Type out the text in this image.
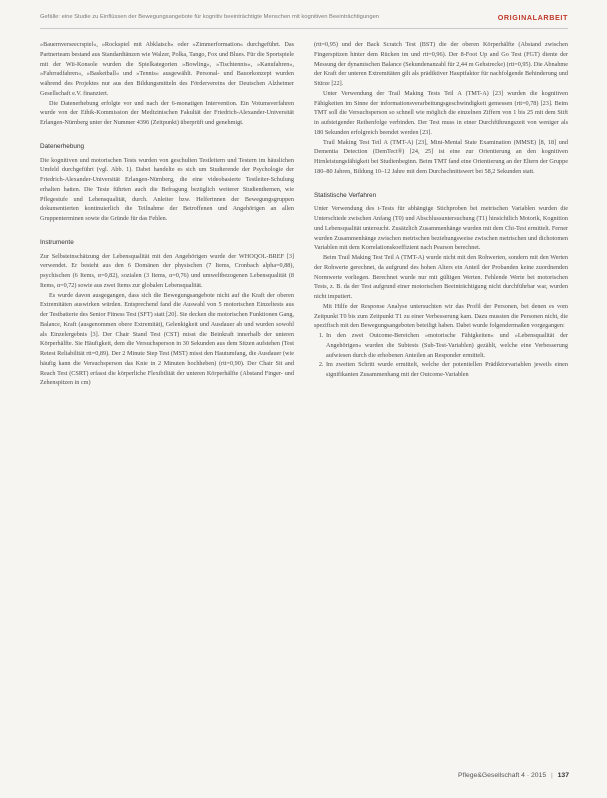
Gefälle: eine Studie zu Einflüssen der Bewegungsangebote für kognitiv beeinträchtigte Menschen mit kognitiven Beeinträchtigungen	ORIGINALARBEIT

»Bauernverseecrspiel«, »Rockspiel mit Abklatsch« oder »Zimmerformation« durchgeführt. Das Partnerteam bestand aus Standardtänzen wie Walzer, Polka, Tango, Fox und Blues. Für die Sportspiele mit der Wii-Konsole wurden die Spielkategorien »Bowling«, »Tischtennis«, »Kanufahren«, »Fahrradfahren«, »Basketball« und »Tennis« ausgewählt. Personal- und Bauorkonzept wurden während des Projektes nur aus den Bildungsmitteln des Fördervereins der Deutschen Alzheimer Gesellschaft e.V. finanziert.

Die Datenerhebung erfolgte vor und nach der 6-monatigen Intervention. Ein Votumsverfahren wurde von der Ethik-Kommission der Medizinischen Fakultät der Friedrich-Alexander-Universität Erlangen-Nürnberg unter der Nummer 4396 (Zeitpunkt) überprüft und genehmigt.

Datenerhebung

Die kognitiven und motorischen Tests wurden von geschulten Testleitern und Testern im häuslichen Umfeld durchgeführt (vgl. Abb. 1). Dabei handelte es sich um Studierende der Psychologie der Friedrich-Alexander-Universität Erlangen-Nürnberg, die eine videobasierte Testleiter-Schulung erhalten hatten. Die Teste führten auch die Befragung bezüglich weiterer Studienthemen, wie Pflegestufe und Lebensqualität, durch. Anleiter bzw. Helferinnen der Bewegungsgruppen dokumentierten kontinuierlich die Teilnahme der Betroffenen und Angehörigen an allen Gruppenterminen sowie die Gründe für das Fehlen.

Instrumente

Zur Selbsteinschätzung der Lebensqualität mit den Angehörigen wurde der WHOQOL-BREF [3] verwendet. Er besteht aus den 6 Domänen der physischen (7 Items, Cronbach alpha=0,88), psychischen (6 Items, α=0,82), sozialen (3 Items, α=0,76) und umweltbezogenen Lebensqualität (8 Items, α=0,72) sowie aus zwei Items zur globalen Lebensqualität.

Es wurde davon ausgegangen, dass sich die Bewegungsangebote nicht auf die Kraft der oberen Extremitäten auswirken würden. Entsprechend fand die Auswahl von 5 motorischen Einzeltests aus der Testbatterie des Senior Fitness Test (SFT) statt [20]. Sie decken die motorischen Funktionen Gang, Balance, Kraft (ausgenommen obere Extremität), Gelenkigkeit und Ausdauer ab und wurden sowohl als Einzelergebnis [3]. Der Chair Stand Test (CST) misst die Beinkraft innerhalb der unteren Körperhälfte. Sie Häufigkeit, dem die Versuchsperson in 30 Sekunden aus dem Sitzen aufstehen (Test Retest Reliabilität rtt=0,89). Der 2 Minute Step Test (MST) misst den Hautumfang, die Ausdauer (wie häufig kann die Versuchsperson das Knie in 2 Minuten hochheben) (rtt=0,90). Der Chair Sit and Reach Test (CSRT) erfasst die körperliche Flexibilität der unteren Körperhälfte (Abstand Finger- und Zehenspitzen in cm)

(rtt=0,95) und der Back Scratch Test (BST) die der oberen Körperhälfte (Abstand zwischen Fingerspitzen hinter dem Rücken im und rtt=0,96). Der 8-Foot Up and Go Test (FGT) diente der Messung der dynamischen Balance (Sekundenanzahl für 2,44 m Gehstrecke) (rtt=0,95). Die Abnahme der Kraft der unteren Extremitäten gilt als prädiktiver Hauptfaktor für nachfolgende Behinderung und Stürze [22].

Unter Verwendung der Trail Making Tests Teil A (TMT-A) [23] wurden die kognitiven Fähigkeiten im Sinne der informationsverarbeitungsgeschwindigkeit gemessen (rtt=0,78) [23]. Beim TMT soll die Versuchsperson so schnell wie möglich die einzelnen Ziffern von 1 bis 25 mit dem Stift in aufsteigender Reihenfolge verbinden. Der Test muss in einer Durchführungszeit von weniger als 180 Sekunden erfolgreich beendet werden [23].

Trail Making Test Teil A (TMT-A) [23], Mini-Mental State Examination (MMSE) [8, 18] und Dementia Detection (DemTect®) [24, 25] ist eine zur Orientierung an den kognitiven Hirnleistungsfähigkeit bei Studienbeginn. Beim TMT fand eine Orientierung an der Eltern der Gruppe 180–80 Jahren, Bildung 10–12 Jahre mit dem Durchschnittswert bei 58,2 Sekunden statt.

Statistische Verfahren

Unter Verwendung des t-Tests für abhängige Stichproben bei metrischen Variablen wurden die Unterschiede zwischen Anfang (T0) und Abschlussuntersuchung (T1) hinsichtlich Motorik, Kognition und Lebensqualität untersucht. Zusätzlich Zusammenhänge wurden mit dem Chi-Test ermittelt. Ferner wurden Zusammenhänge zwischen metrischen beziehungsweise zwischen metrischen und dichotomen Variablen mit dem Korrelationskoeffizient nach Pearson berechnet.

Beim Trail Making Test Teil A (TMT-A) wurde nicht mit den Rohwerten, sondern mit den Werten der Rohwerte gerechnet, da aufgrund des hohen Alters ein Anteil der Probanden keine zuordnenden Normwerte vorliegen. Berechnet wurde nur mit gültigen Werten. Fehlende Werte bei motorischen Tests, z. B. da der Test aufgrund einer motorischen Beeinträchtigung nicht durchführbar war, wurden nicht imputiert.

Mit Hilfe der Response Analyse untersuchten wir das Profil der Personen, bei denen es vom Zeitpunkt T0 bis zum Zeitpunkt T1 zu einer Verbesserung kam. Dazu mussten die Personen nicht, die spezifisch mit den Bewegungsangeboten beteiligt haben. Dabei wurde folgendermaßen vorgegangen:

1. In den zwei Outcome-Bereichen »motorische Fähigkeiten« und »Lebensqualität der Angehörigen« wurden die Subtests (Sub-Test-Variablen) gezählt, welche eine Verbesserung aufwiesen durch die erhobenen Anteilen an Responder ermittelt.
2. Im zweiten Schritt wurde ermittelt, welche der potentiellen Prädiktorvariablen jeweils einen signifikanten Zusammenhang mit der Outcome-Variablen
Pflege&Gesellschaft 4 · 2015 | 137
